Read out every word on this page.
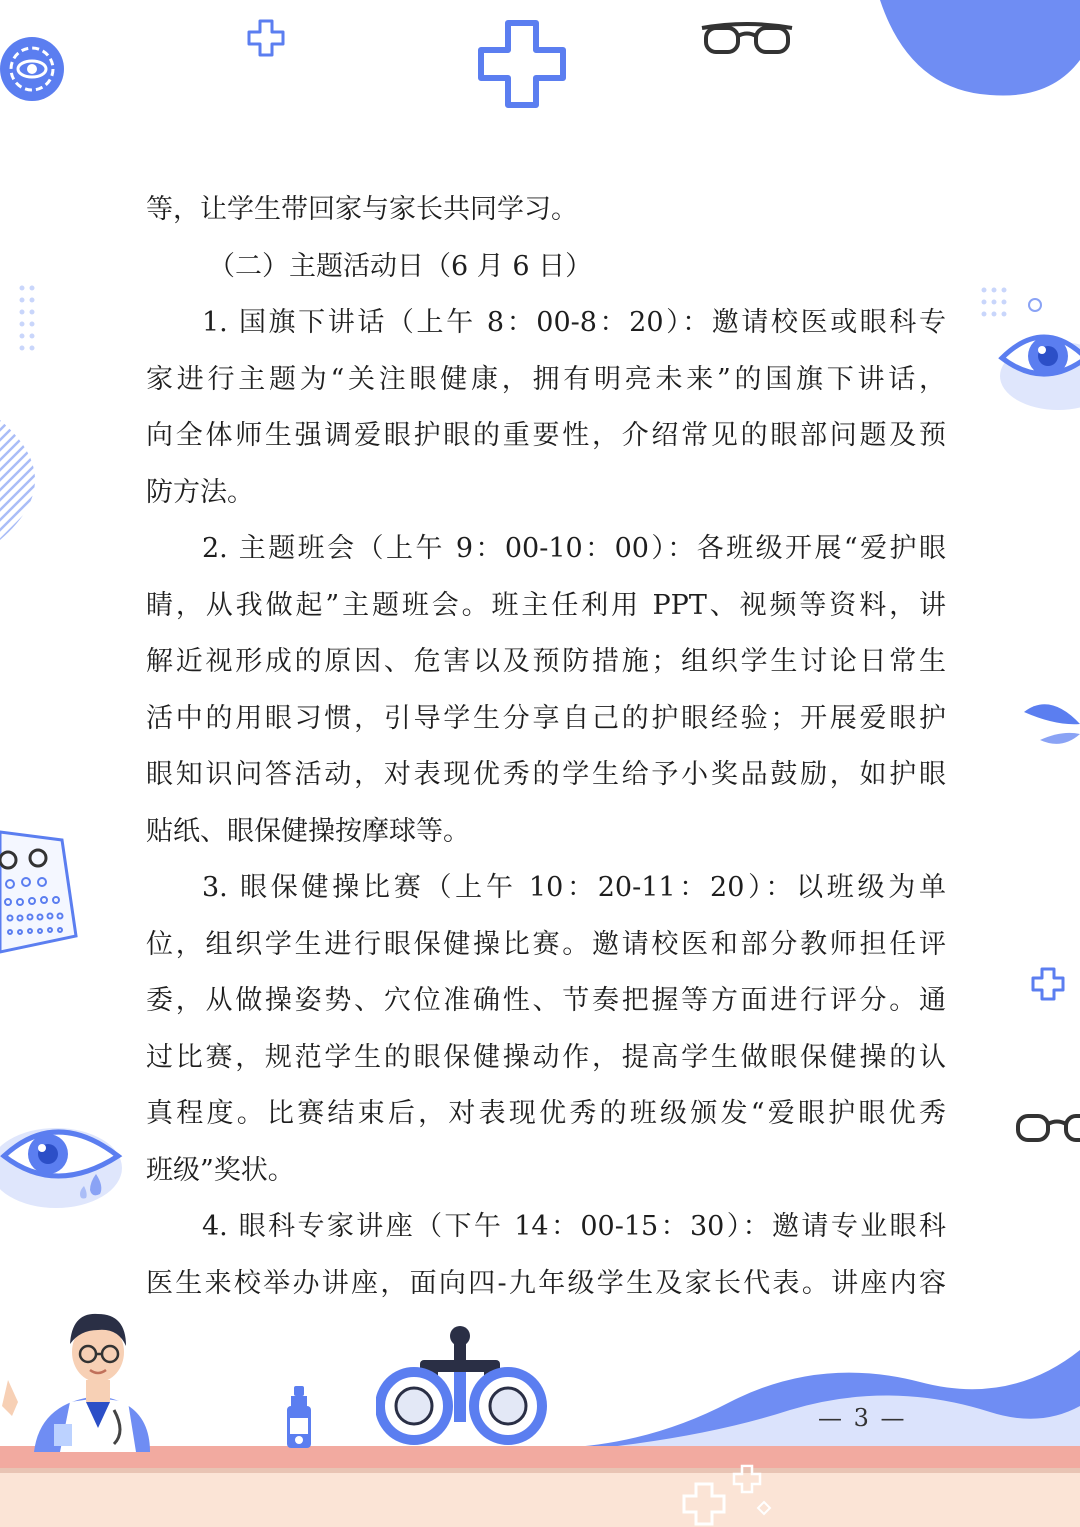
等，让学生带回家与家长共同学习。
（二）主题活动日（6 月 6 日）
1. 国旗下讲话（上午 8：00-8：20）：邀请校医或眼科专
家进行主题为“关注眼健康，拥有明亮未来”的国旗下讲话，
向全体师生强调爱眼护眼的重要性，介绍常见的眼部问题及预
防方法。
2. 主题班会（上午 9：00-10：00）：各班级开展“爱护眼
睛，从我做起”主题班会。班主任利用 PPT、视频等资料，讲
解近视形成的原因、危害以及预防措施；组织学生讨论日常生
活中的用眼习惯，引导学生分享自己的护眼经验；开展爱眼护
眼知识问答活动，对表现优秀的学生给予小奖品鼓励，如护眼
贴纸、眼保健操按摩球等。
3. 眼保健操比赛（上午 10：20-11：20）：以班级为单
位，组织学生进行眼保健操比赛。邀请校医和部分教师担任评
委，从做操姿势、穴位准确性、节奏把握等方面进行评分。通
过比赛，规范学生的眼保健操动作，提高学生做眼保健操的认
真程度。比赛结束后，对表现优秀的班级颁发“爱眼护眼优秀
班级”奖状。
4. 眼科专家讲座（下午 14：00-15：30）：邀请专业眼科
医生来校举办讲座，面向四-九年级学生及家长代表。讲座内容
— 3 —
